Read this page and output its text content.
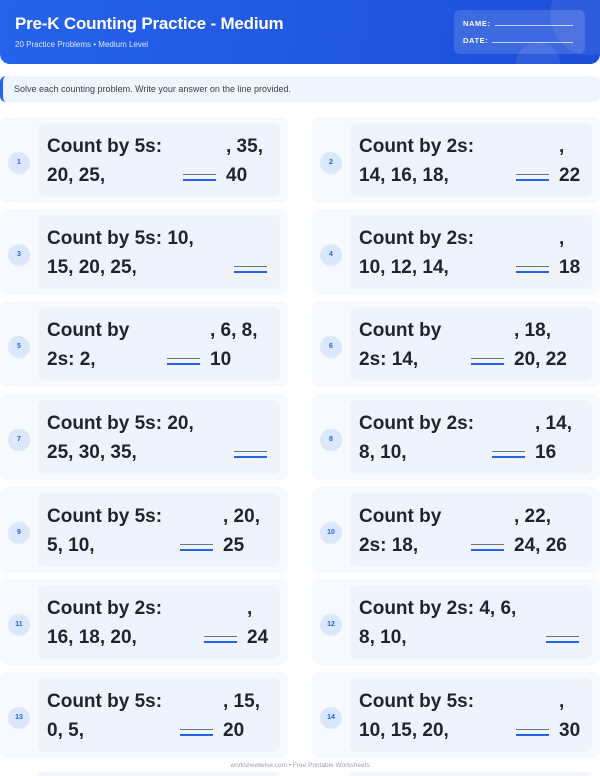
Pre-K Counting Practice - Medium
20 Practice Problems • Medium Level
NAME:
DATE:
Solve each counting problem. Write your answer on the line provided.
1
Count by 5s:
20, 25,
, 35,
40
2
Count by 2s:
14, 16, 18,
,
22
3
Count by 5s: 10,
15, 20, 25,
4
Count by 2s:
10, 12, 14,
,
18
5
Count by
2s: 2,
, 6, 8,
10
6
Count by
2s: 14,
, 18,
20, 22
7
Count by 5s: 20,
25, 30, 35,
8
Count by 2s:
8, 10,
, 14,
16
9
Count by 5s:
5, 10,
, 20,
25
10
Count by
2s: 18,
, 22,
24, 26
11
Count by 2s:
16, 18, 20,
,
24
12
Count by 2s: 4, 6,
8, 10,
13
Count by 5s:
0, 5,
, 15,
20
14
Count by 5s:
10, 15, 20,
,
30
worksheetwise.com • Free Printable Worksheets
